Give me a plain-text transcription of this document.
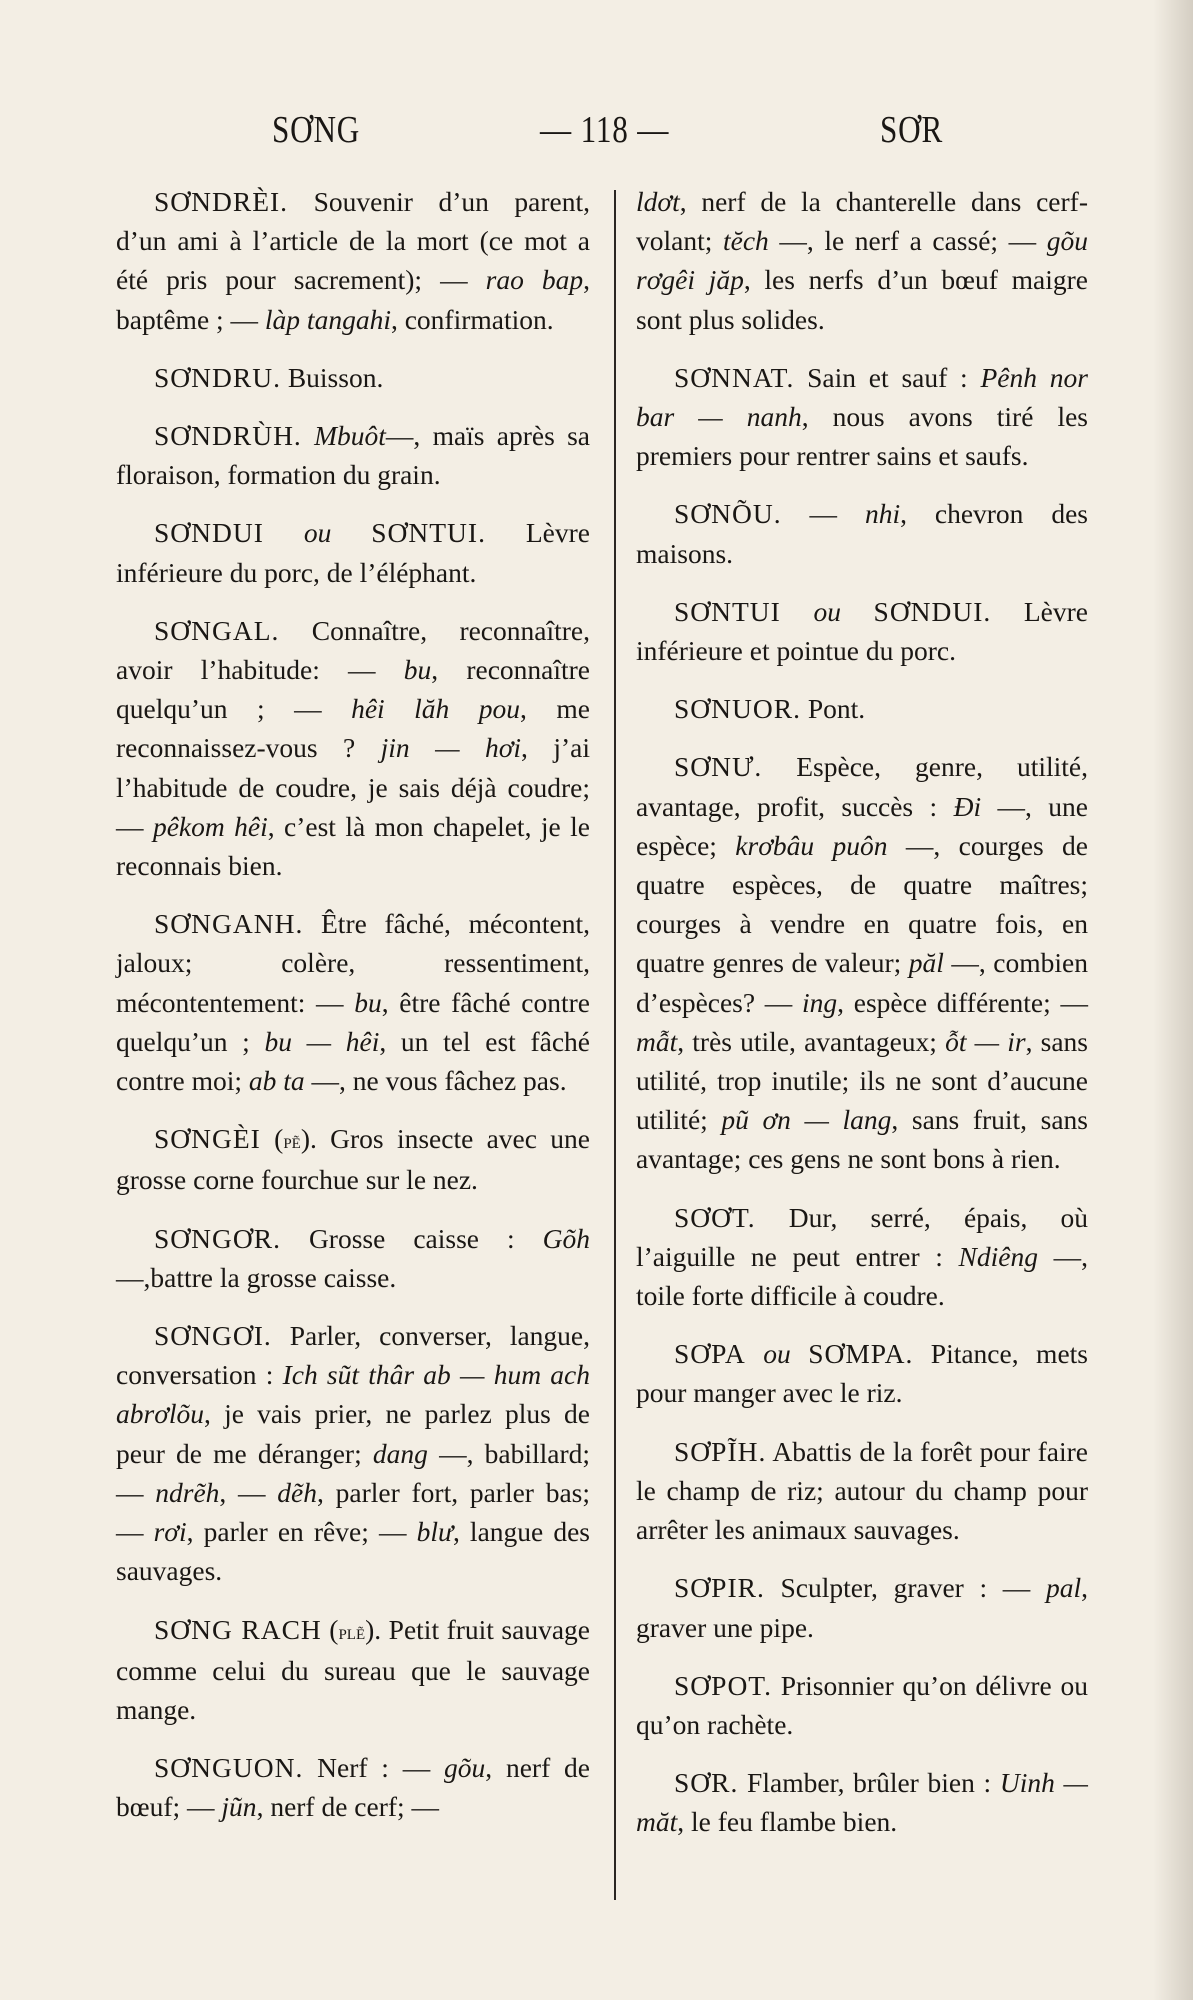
SƠNG	— 118 —	SƠR

SƠNDRÈI. Souvenir d’un parent, d’un ami à l’article de la mort (ce mot a été pris pour sacrement); — rao bap, baptême ; — làp tangahi, confirmation.

SƠNDRU. Buisson.

SƠNDRÙH. Mbuôt—, maïs après sa floraison, formation du grain.

SƠNDUI ou SƠNTUI. Lèvre inférieure du porc, de l’éléphant.

SƠNGAL. Connaître, reconnaître, avoir l’habitude: — bu, reconnaître quelqu’un ; — hêi lăh pou, me reconnaissez-vous ? jin — hơi, j’ai l’habitude de coudre, je sais déjà coudre; — pêkom hêi, c’est là mon chapelet, je le reconnais bien.

SƠNGANH. Être fâché, mécontent, jaloux; colère, ressentiment, mécontentement: — bu, être fâché contre quelqu’un ; bu — hêi, un tel est fâché contre moi; ab ta —, ne vous fâchez pas.

SƠNGÈI (pẽ). Gros insecte avec une grosse corne fourchue sur le nez.

SƠNGƠR. Grosse caisse : Gõh —,battre la grosse caisse.

SƠNGƠI. Parler, converser, langue, conversation : Ich sũt thâr ab — hum ach abrơlõu, je vais prier, ne parlez plus de peur de me déranger; dang —, babillard; — ndrẽh, — dẽh, parler fort, parler bas; — rơi, parler en rêve; — blư, langue des sauvages.

SƠNG RACH (plẽ). Petit fruit sauvage comme celui du sureau que le sauvage mange.

SƠNGUON. Nerf : — gõu, nerf de bœuf; — jũn, nerf de cerf; —

ldơt, nerf de la chanterelle dans cerf-volant; tĕch —, le nerf a cassé; — gõu rơgêi jăp, les nerfs d’un bœuf maigre sont plus solides.

SƠNNAT. Sain et sauf : Pênh nor bar — nanh, nous avons tiré les premiers pour rentrer sains et saufs.

SƠNÕU. — nhi, chevron des maisons.

SƠNTUI ou SƠNDUI. Lèvre inférieure et pointue du porc.

SƠNUOR. Pont.

SƠNƯ. Espèce, genre, utilité, avantage, profit, succès : Đi —, une espèce; krơbâu puôn —, courges de quatre espèces, de quatre maîtres; courges à vendre en quatre fois, en quatre genres de valeur; păl —, combien d’espèces? — ing, espèce différente; — mẫt, très utile, avantageux; ỗt — ir, sans utilité, trop inutile; ils ne sont d’aucune utilité; pũ ơn — lang, sans fruit, sans avantage; ces gens ne sont bons à rien.

SƠƠT. Dur, serré, épais, où l’aiguille ne peut entrer : Ndiêng —, toile forte difficile à coudre.

SƠPA ou SƠMPA. Pitance, mets pour manger avec le riz.

SƠPĨH. Abattis de la forêt pour faire le champ de riz; autour du champ pour arrêter les animaux sauvages.

SƠPIR. Sculpter, graver : — pal, graver une pipe.

SƠPOT. Prisonnier qu’on délivre ou qu’on rachète.

SƠR. Flamber, brûler bien : Uinh — măt, le feu flambe bien.
